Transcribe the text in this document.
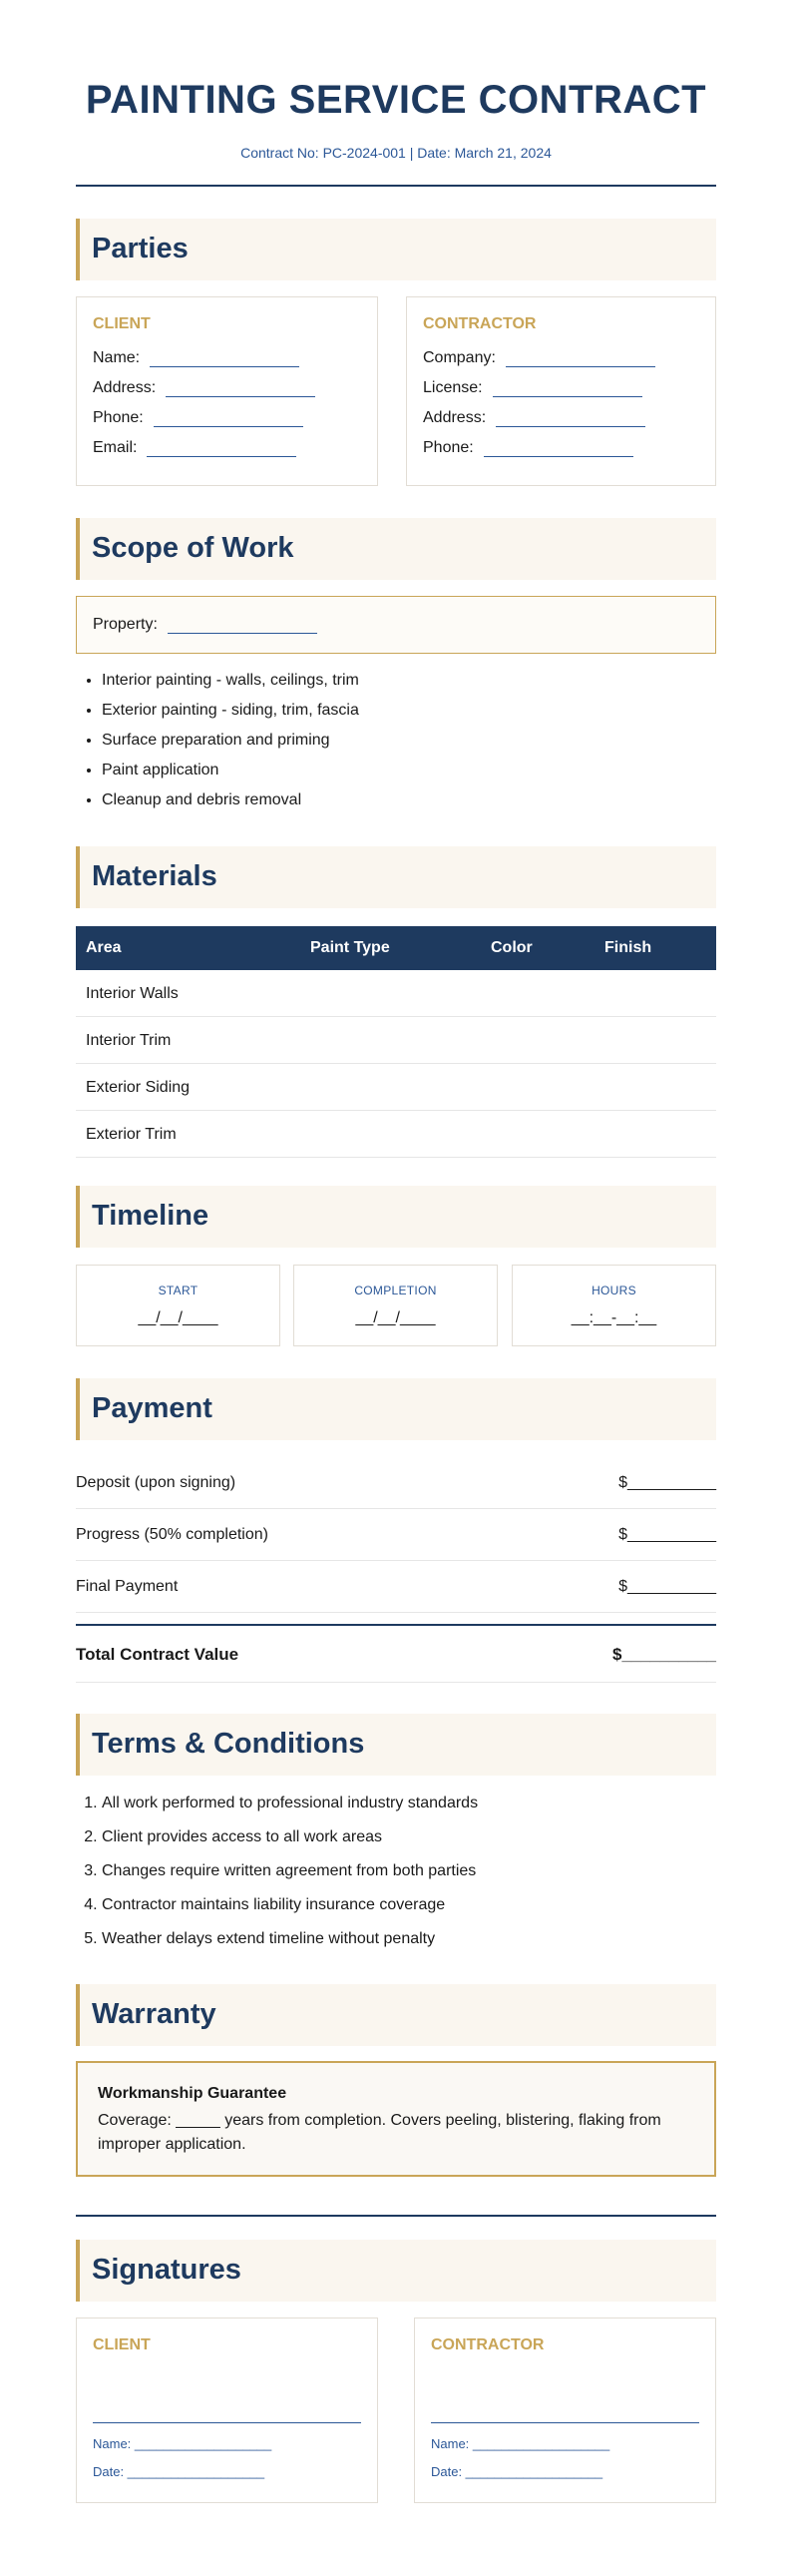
PAINTING SERVICE CONTRACT
Contract No: PC-2024-001 | Date: March 21, 2024
Parties
CLIENT
Name:
Address:
Phone:
Email:
CONTRACTOR
Company:
License:
Address:
Phone:
Scope of Work
Property:
• Interior painting - walls, ceilings, trim
• Exterior painting - siding, trim, fascia
• Surface preparation and priming
• Paint application
• Cleanup and debris removal
Materials
Area	Paint Type	Color	Finish
Interior Walls
Interior Trim
Exterior Siding
Exterior Trim
Timeline
START
__/__/____
COMPLETION
__/__/____
HOURS
__:__-__:__
Payment
Deposit (upon signing)	$__________
Progress (50% completion)	$__________
Final Payment	$__________
Total Contract Value	$__________
Terms & Conditions
1. All work performed to professional industry standards
2. Client provides access to all work areas
3. Changes require written agreement from both parties
4. Contractor maintains liability insurance coverage
5. Weather delays extend timeline without penalty
Warranty
Workmanship Guarantee
Coverage: _____ years from completion. Covers peeling, blistering, flaking from improper application.
Signatures
CLIENT
Name: ___________________
Date: ___________________
CONTRACTOR
Name: ___________________
Date: ___________________
